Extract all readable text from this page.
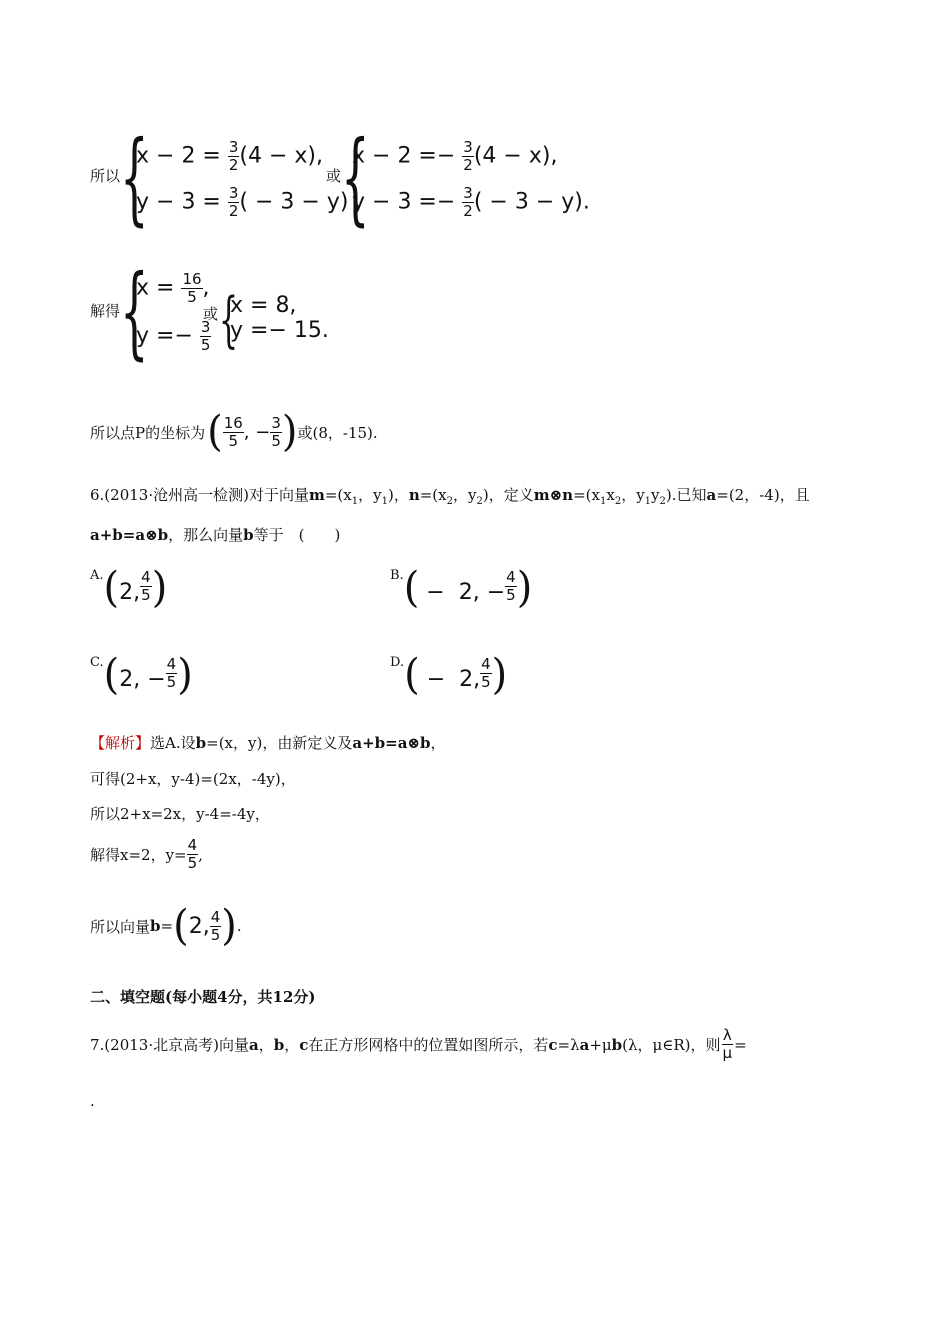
所以 {
$x - 2 = \frac{3}{2} (4 - x)$,
$y - 3 = \frac{3}{2}$ ( − 3 − y)
或 {
$x - 2 =- \frac{3}{2} (4 - x)$,
$y - 3 =- \frac{3}{2}$ ( − 3 − y).
解得 {
$x = \frac{16}{5}$ ,
$y =- \frac{3}{5}$
或 {
x = 8,
y =− 15.
所以点P的坐标为 ( $\frac{16}{5}$ , − $\frac{3}{5}$ ) 或(8，-15).
6.(2013·沧州高一检测)对于向量$m=(x_1$，$y_1$)，$n=(x_2$，$y_2$)，定义$m\otimes n=(x_1x_2$，$y_1y_2$).已知a=(2，-4)，且
a+b=a⊗b，那么向量b等于　(　　)
A. ( 2, $\frac{4}{5}$ )	B. ( −  2, − $\frac{4}{5}$ )
C. ( 2, − $\frac{4}{5}$ )	D. ( −  2, $\frac{4}{5}$ )
【解析】选A.设b=(x，y)，由新定义及a+b=a⊗b，
可得(2+x，y-4)=(2x，-4y)，
所以2+x=2x，y-4=-4y，
解得x=2，$y= \frac{4}{5}$ ,
所以向量 b = ( 2, $\frac{4}{5}$ ) .
二、填空题(每小题4分，共12分)
7.(2013·北京高考)向量 a ， b ， c 在正方形网格中的位置如图所示，若 c =λ a +μ b (λ，μ∈R)，则 $\frac{\lambda}{\mu}$ =
.
